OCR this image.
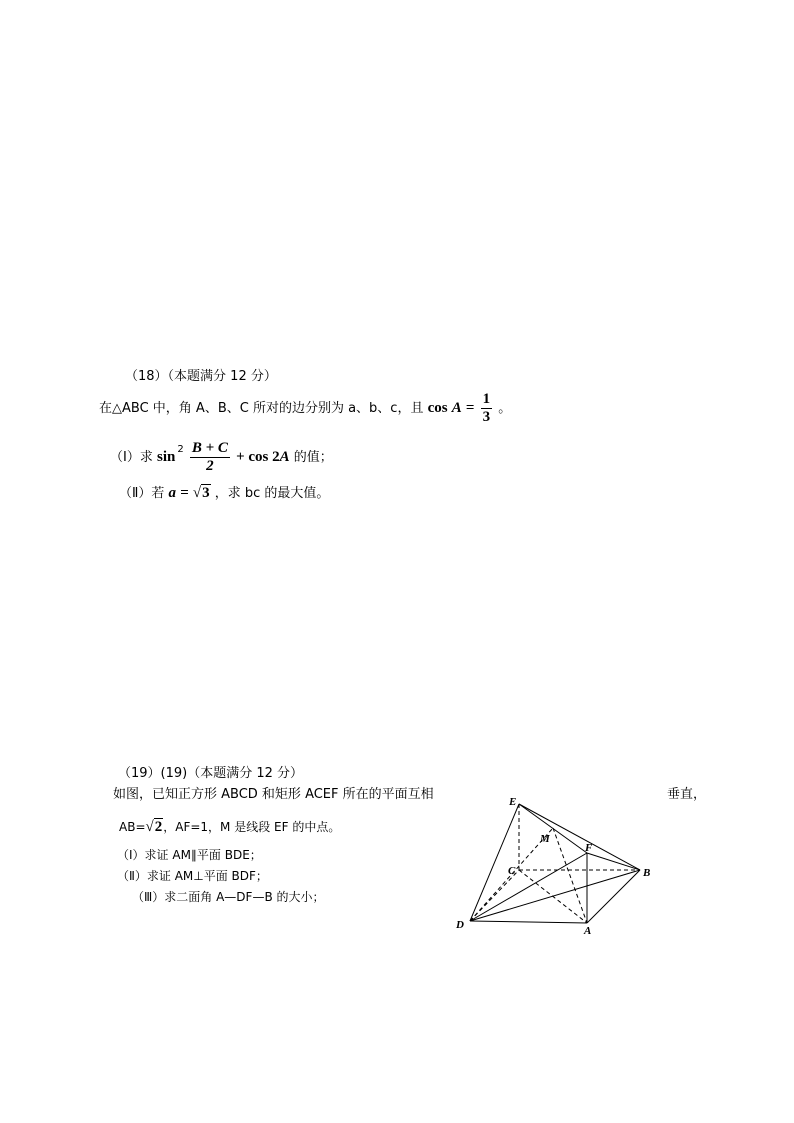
（18）（本题满分 12 分）
在△ABC 中，角 A、B、C 所对的边分别为 a、b、c，且 $\cos A = \frac{1}{3}$ 。
（Ⅰ）求 $\sin ^2 \frac{B + C}{2} + \cos 2A$ 的值；
（Ⅱ）若 a = √3 ，求 bc 的最大值。
（19）(19)（本题满分 12 分）
如图，已知正方形 ABCD 和矩形 ACEF 所在的平面互相	垂直，
AB=√2，AF=1，M 是线段 EF 的中点。
（Ⅰ）求证 AM∥平面 BDE；
（Ⅱ）求证 AM⊥平面 BDF；
（Ⅲ）求二面角 A—DF—B 的大小；
E
M
F
C	B
D	A
